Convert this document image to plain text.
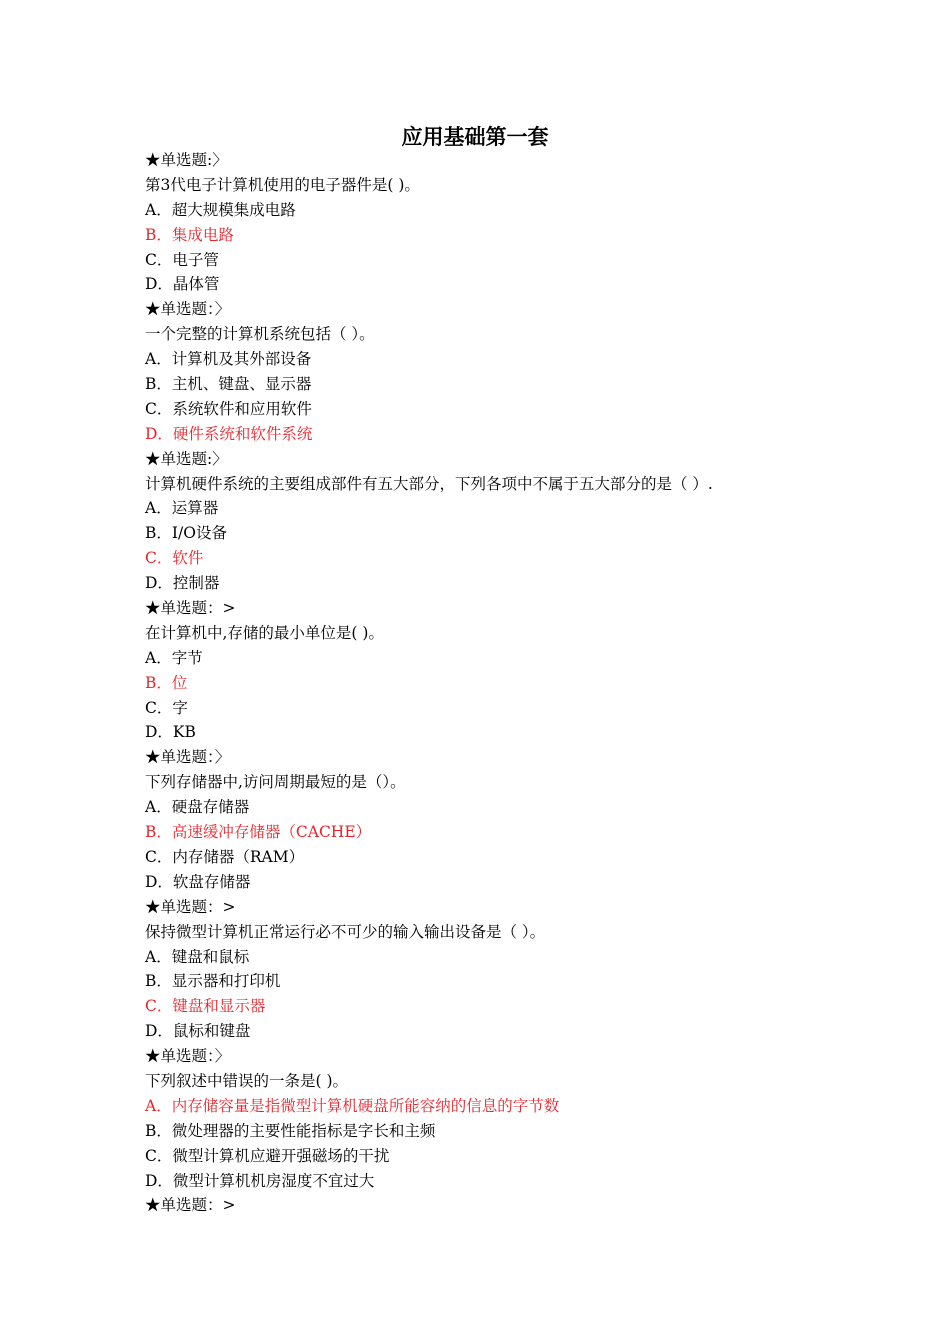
应用基础第一套
★单选题:〉
第3代电子计算机使用的电子器件是( )。
A．超大规模集成电路
B．集成电路
C．电子管
D．晶体管
★单选题：〉
一个完整的计算机系统包括（ ）。
A．计算机及其外部设备
B．主机、键盘、显示器
C．系统软件和应用软件
D．硬件系统和软件系统
★单选题:〉
计算机硬件系统的主要组成部件有五大部分，下列各项中不属于五大部分的是（ ）.
A．运算器
B．I/O设备
C．软件
D．控制器
★单选题：>
在计算机中,存储的最小单位是( )。
A．字节
B．位
C．字
D．KB
★单选题：〉
下列存储器中,访问周期最短的是（）。
A．硬盘存储器
B．高速缓冲存储器（CACHE）
C．内存储器（RAM）
D．软盘存储器
★单选题：>
保持微型计算机正常运行必不可少的输入输出设备是（ ）。
A．键盘和鼠标
B．显示器和打印机
C．键盘和显示器
D．鼠标和键盘
★单选题：〉
下列叙述中错误的一条是( )。
A．内存储容量是指微型计算机硬盘所能容纳的信息的字节数
B．微处理器的主要性能指标是字长和主频
C．微型计算机应避开强磁场的干扰
D．微型计算机机房湿度不宜过大
★单选题：>
